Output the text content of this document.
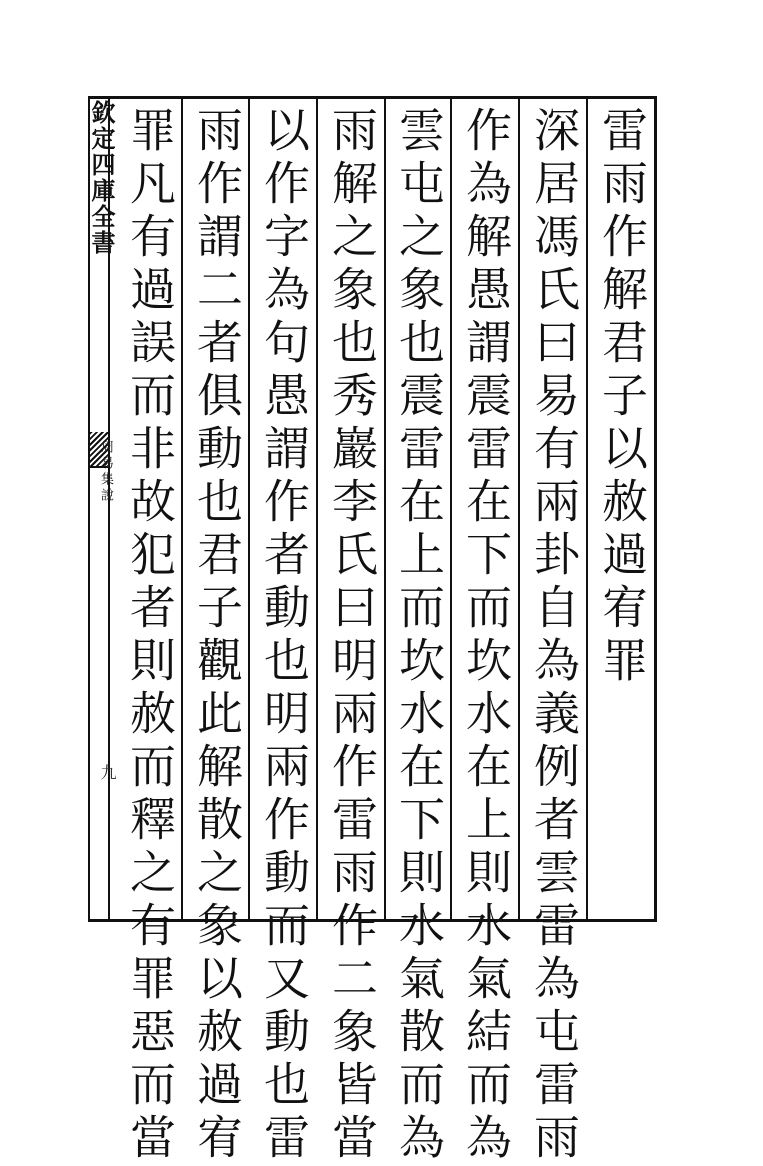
欽定四庫全書
周易集說
九
雷雨作解君子以赦過宥罪
深居馮氏曰易有兩卦自為義例者雲雷為屯雷雨
作為解愚謂震雷在下而坎水在上則水氣結而為
雲屯之象也震雷在上而坎水在下則水氣散而為
雨解之象也秀巖李氏曰明兩作雷雨作二象皆當
以作字為句愚謂作者動也明兩作動而又動也雷
雨作謂二者俱動也君子觀此解散之象以赦過宥
罪凡有過誤而非故犯者則赦而釋之有罪惡而當
